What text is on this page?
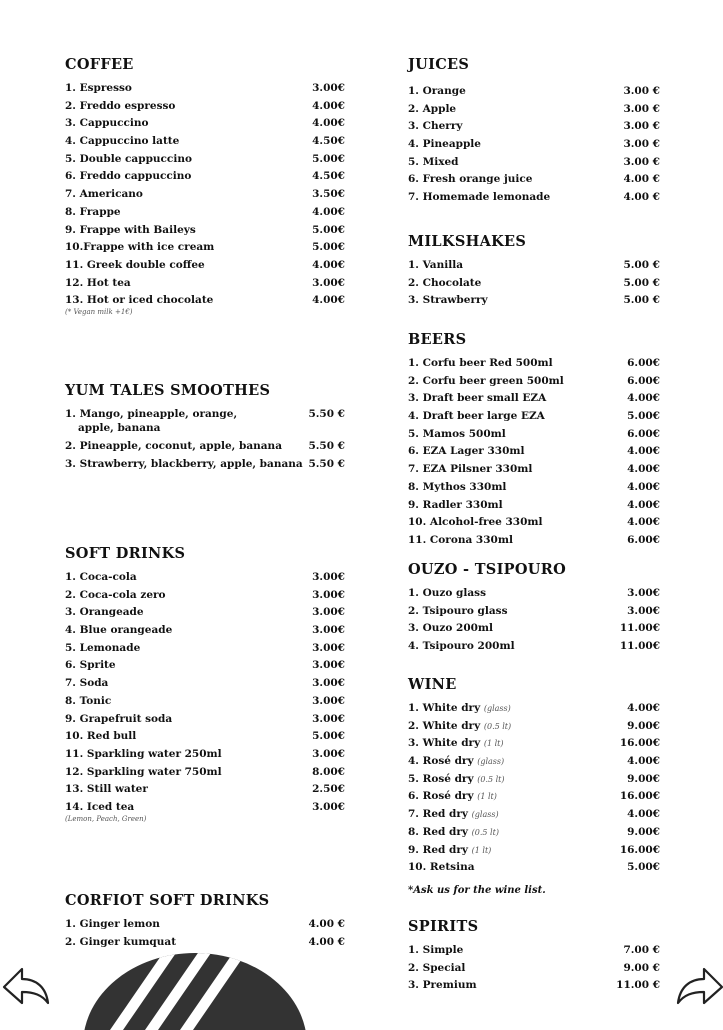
COFFEE
1. Espresso	3.00€
2. Freddo espresso	4.00€
3. Cappuccino	4.00€
4. Cappuccino latte	4.50€
5. Double cappuccino	5.00€
6. Freddo cappuccino	4.50€
7. Americano	3.50€
8. Frappe	4.00€
9. Frappe with Baileys	5.00€
10.Frappe with ice cream	5.00€
11. Greek double coffee	4.00€
12. Hot tea	3.00€
13. Hot or iced chocolate	4.00€
(* Vegan milk +1€)
YUM TALES SMOOTHES
1. Mango, pineapple, orange,
apple, banana
5.50 €
2. Pineapple, coconut, apple, banana	5.50 €
3. Strawberry, blackberry, apple, banana 5.50 €
SOFT DRINKS
1. Coca-cola	3.00€
2. Coca-cola zero	3.00€
3. Orangeade	3.00€
4. Blue orangeade	3.00€
5. Lemonade	3.00€
6. Sprite	3.00€
7. Soda	3.00€
8. Tonic	3.00€
9. Grapefruit soda	3.00€
10. Red bull	5.00€
11. Sparkling water 250ml	3.00€
12. Sparkling water 750ml	8.00€
13. Still water	2.50€
14. Iced tea	3.00€
(Lemon, Peach, Green)
CORFIOT SOFT DRINKS
1. Ginger lemon	4.00 €
2. Ginger kumquat	4.00 €
JUICES
1. Orange	3.00 €
2. Apple	3.00 €
3. Cherry	3.00 €
4. Pineapple	3.00 €
5. Mixed	3.00 €
6. Fresh orange juice	4.00 €
7. Homemade lemonade	4.00 €
MILKSHAKES
1. Vanilla	5.00 €
2. Chocolate	5.00 €
3. Strawberry	5.00 €
BEERS
1. Corfu beer Red 500ml	6.00€
2. Corfu beer green 500ml	6.00€
3. Draft beer small EZA	4.00€
4. Draft beer large EZA	5.00€
5. Mamos 500ml	6.00€
6. EZA Lager 330ml	4.00€
7. EZA Pilsner 330ml	4.00€
8. Mythos 330ml	4.00€
9. Radler 330ml	4.00€
10. Alcohol-free 330ml	4.00€
11. Corona 330ml	6.00€
OUZO - TSIPOURO
1. Ouzo glass	3.00€
2. Tsipouro glass	3.00€
3. Ouzo 200ml	11.00€
4. Tsipouro 200ml	11.00€
WINE
1. White dry (glass)	4.00€
2. White dry (0.5 lt)	9.00€
3. White dry (1 lt)	16.00€
4. Rosé dry (glass)	4.00€
5. Rosé dry (0.5 lt)	9.00€
6. Rosé dry (1 lt)	16.00€
7. Red dry (glass)	4.00€
8. Red dry (0.5 lt)	9.00€
9. Red dry (1 lt)	16.00€
10. Retsina	5.00€
*Ask us for the wine list.
SPIRITS
1. Simple	7.00 €
2. Special	9.00 €
3. Premium	11.00 €
